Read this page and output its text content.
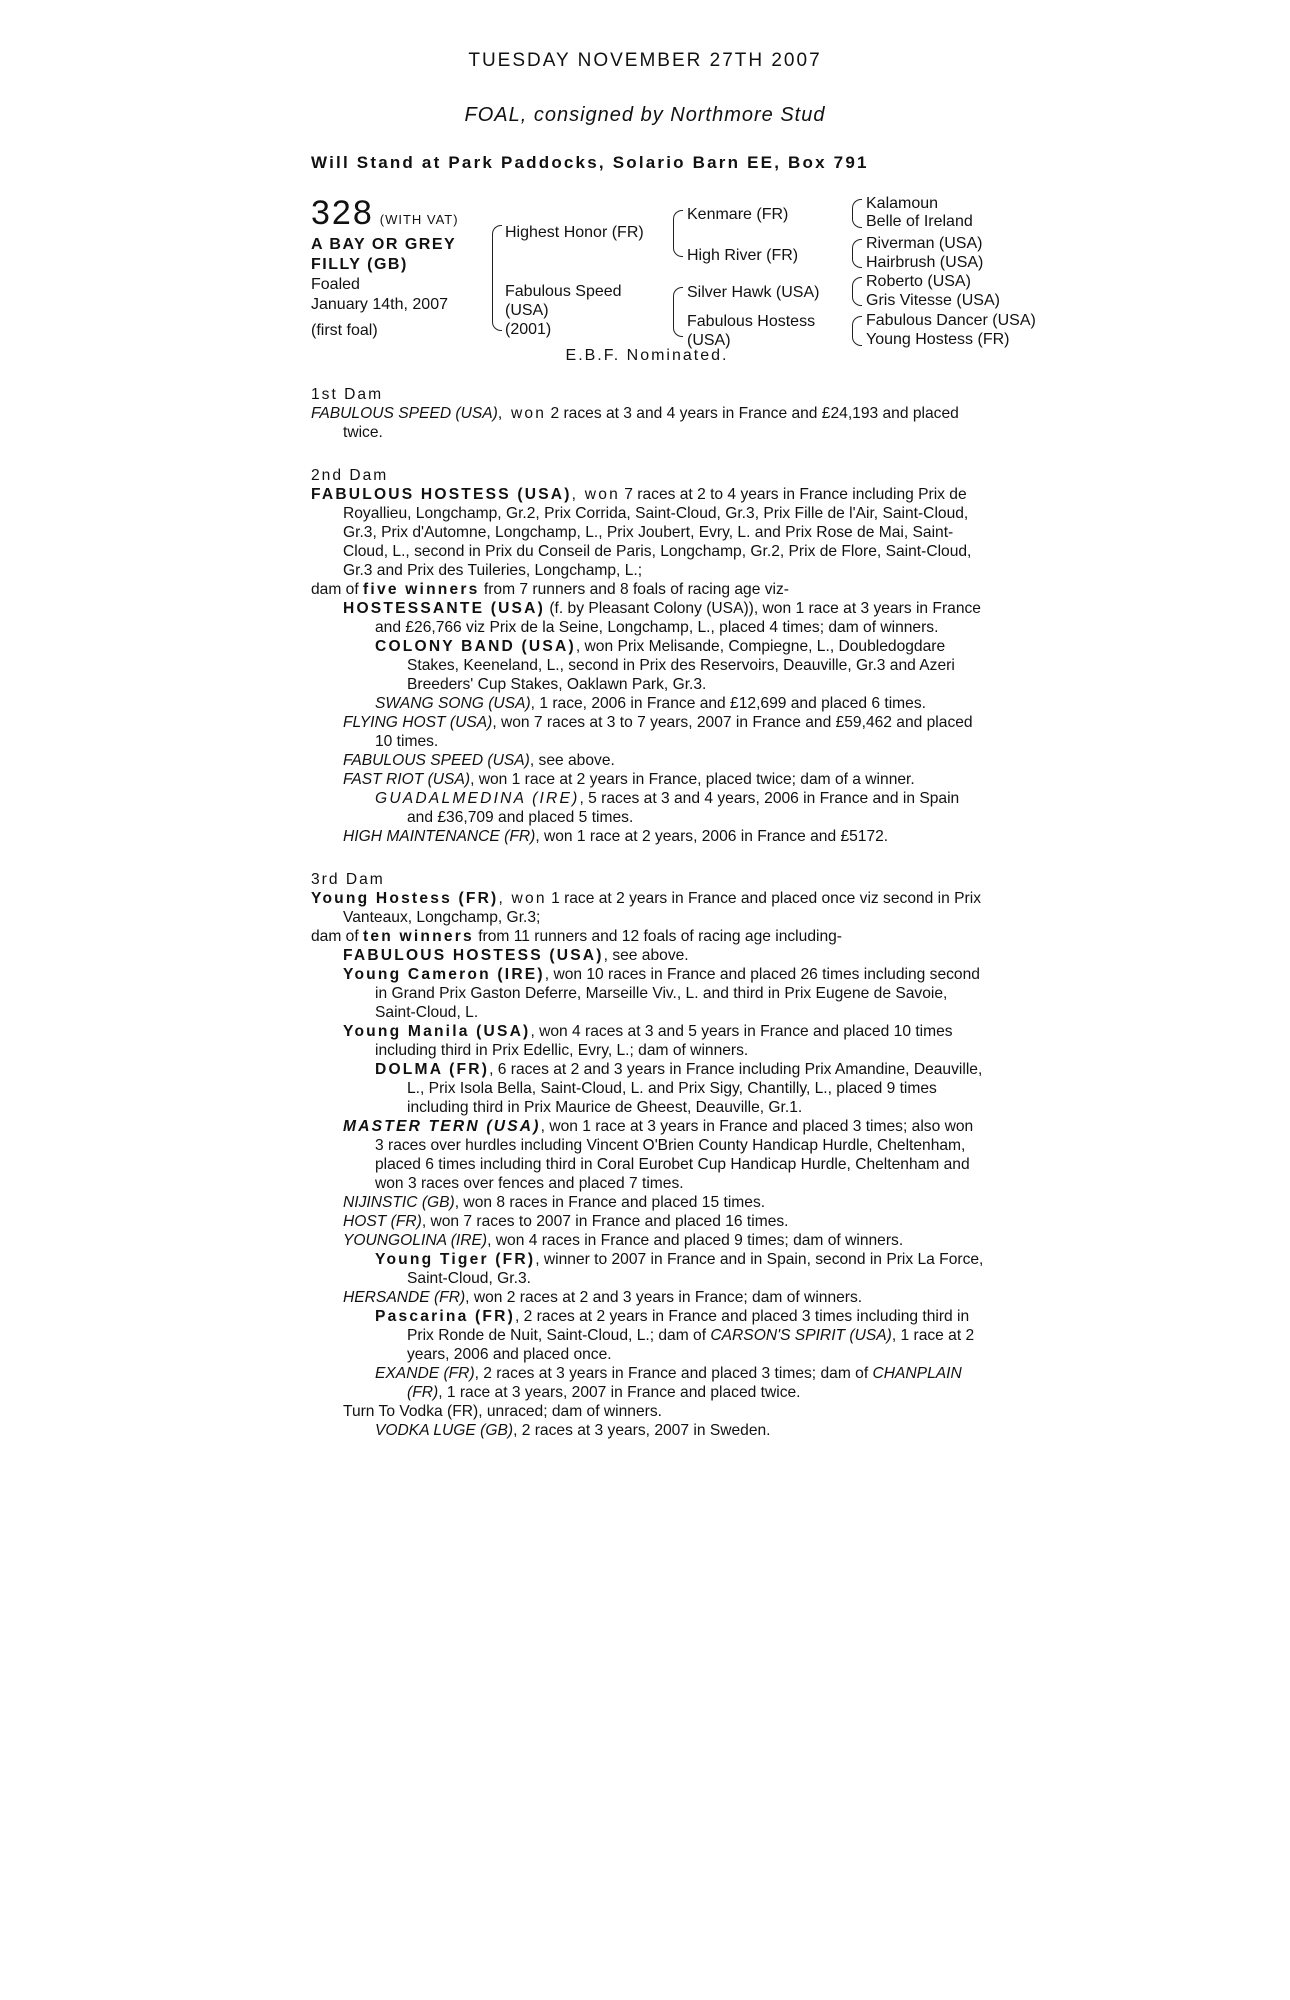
TUESDAY NOVEMBER 27TH 2007
FOAL, consigned by Northmore Stud
Will Stand at Park Paddocks, Solario Barn EE, Box 791
328 (WITH VAT)
A BAY OR GREY
FILLY (GB)
Foaled
January 14th, 2007
(first foal)
Highest Honor (FR)
Fabulous Speed
(USA)
(2001)
Kenmare (FR)
High River (FR)
Silver Hawk (USA)
Fabulous Hostess
(USA)
Kalamoun
Belle of Ireland
Riverman (USA)
Hairbrush (USA)
Roberto (USA)
Gris Vitesse (USA)
Fabulous Dancer (USA)
Young Hostess (FR)
E.B.F. Nominated.
1st Dam

FABULOUS SPEED (USA), won 2 races at 3 and 4 years in France and £24,193 and placed twice.

2nd Dam

FABULOUS HOSTESS (USA), won 7 races at 2 to 4 years in France including Prix de Royallieu, Longchamp, Gr.2, Prix Corrida, Saint-Cloud, Gr.3, Prix Fille de l'Air, Saint-Cloud, Gr.3, Prix d'Automne, Longchamp, L., Prix Joubert, Evry, L. and Prix Rose de Mai, Saint-Cloud, L., second in Prix du Conseil de Paris, Longchamp, Gr.2, Prix de Flore, Saint-Cloud, Gr.3 and Prix des Tuileries, Longchamp, L.;

dam of five winners from 7 runners and 8 foals of racing age viz-

HOSTESSANTE (USA) (f. by Pleasant Colony (USA)), won 1 race at 3 years in France and £26,766 viz Prix de la Seine, Longchamp, L., placed 4 times; dam of winners.

COLONY BAND (USA), won Prix Melisande, Compiegne, L., Doubledogdare Stakes, Keeneland, L., second in Prix des Reservoirs, Deauville, Gr.3 and Azeri Breeders' Cup Stakes, Oaklawn Park, Gr.3.

SWANG SONG (USA), 1 race, 2006 in France and £12,699 and placed 6 times.

FLYING HOST (USA), won 7 races at 3 to 7 years, 2007 in France and £59,462 and placed 10 times.

FABULOUS SPEED (USA), see above.

FAST RIOT (USA), won 1 race at 2 years in France, placed twice; dam of a winner.

GUADALMEDINA (IRE), 5 races at 3 and 4 years, 2006 in France and in Spain and £36,709 and placed 5 times.

HIGH MAINTENANCE (FR), won 1 race at 2 years, 2006 in France and £5172.

3rd Dam

Young Hostess (FR), won 1 race at 2 years in France and placed once viz second in Prix Vanteaux, Longchamp, Gr.3;

dam of ten winners from 11 runners and 12 foals of racing age including-

FABULOUS HOSTESS (USA), see above.

Young Cameron (IRE), won 10 races in France and placed 26 times including second in Grand Prix Gaston Deferre, Marseille Viv., L. and third in Prix Eugene de Savoie, Saint-Cloud, L.

Young Manila (USA), won 4 races at 3 and 5 years in France and placed 10 times including third in Prix Edellic, Evry, L.; dam of winners.

DOLMA (FR), 6 races at 2 and 3 years in France including Prix Amandine, Deauville, L., Prix Isola Bella, Saint-Cloud, L. and Prix Sigy, Chantilly, L., placed 9 times including third in Prix Maurice de Gheest, Deauville, Gr.1.

MASTER TERN (USA), won 1 race at 3 years in France and placed 3 times; also won 3 races over hurdles including Vincent O'Brien County Handicap Hurdle, Cheltenham, placed 6 times including third in Coral Eurobet Cup Handicap Hurdle, Cheltenham and won 3 races over fences and placed 7 times.

NIJINSTIC (GB), won 8 races in France and placed 15 times.

HOST (FR), won 7 races to 2007 in France and placed 16 times.

YOUNGOLINA (IRE), won 4 races in France and placed 9 times; dam of winners.

Young Tiger (FR), winner to 2007 in France and in Spain, second in Prix La Force, Saint-Cloud, Gr.3.

HERSANDE (FR), won 2 races at 2 and 3 years in France; dam of winners.

Pascarina (FR), 2 races at 2 years in France and placed 3 times including third in Prix Ronde de Nuit, Saint-Cloud, L.; dam of CARSON'S SPIRIT (USA), 1 race at 2 years, 2006 and placed once.

EXANDE (FR), 2 races at 3 years in France and placed 3 times; dam of CHANPLAIN (FR), 1 race at 3 years, 2007 in France and placed twice.

Turn To Vodka (FR), unraced; dam of winners.

VODKA LUGE (GB), 2 races at 3 years, 2007 in Sweden.
